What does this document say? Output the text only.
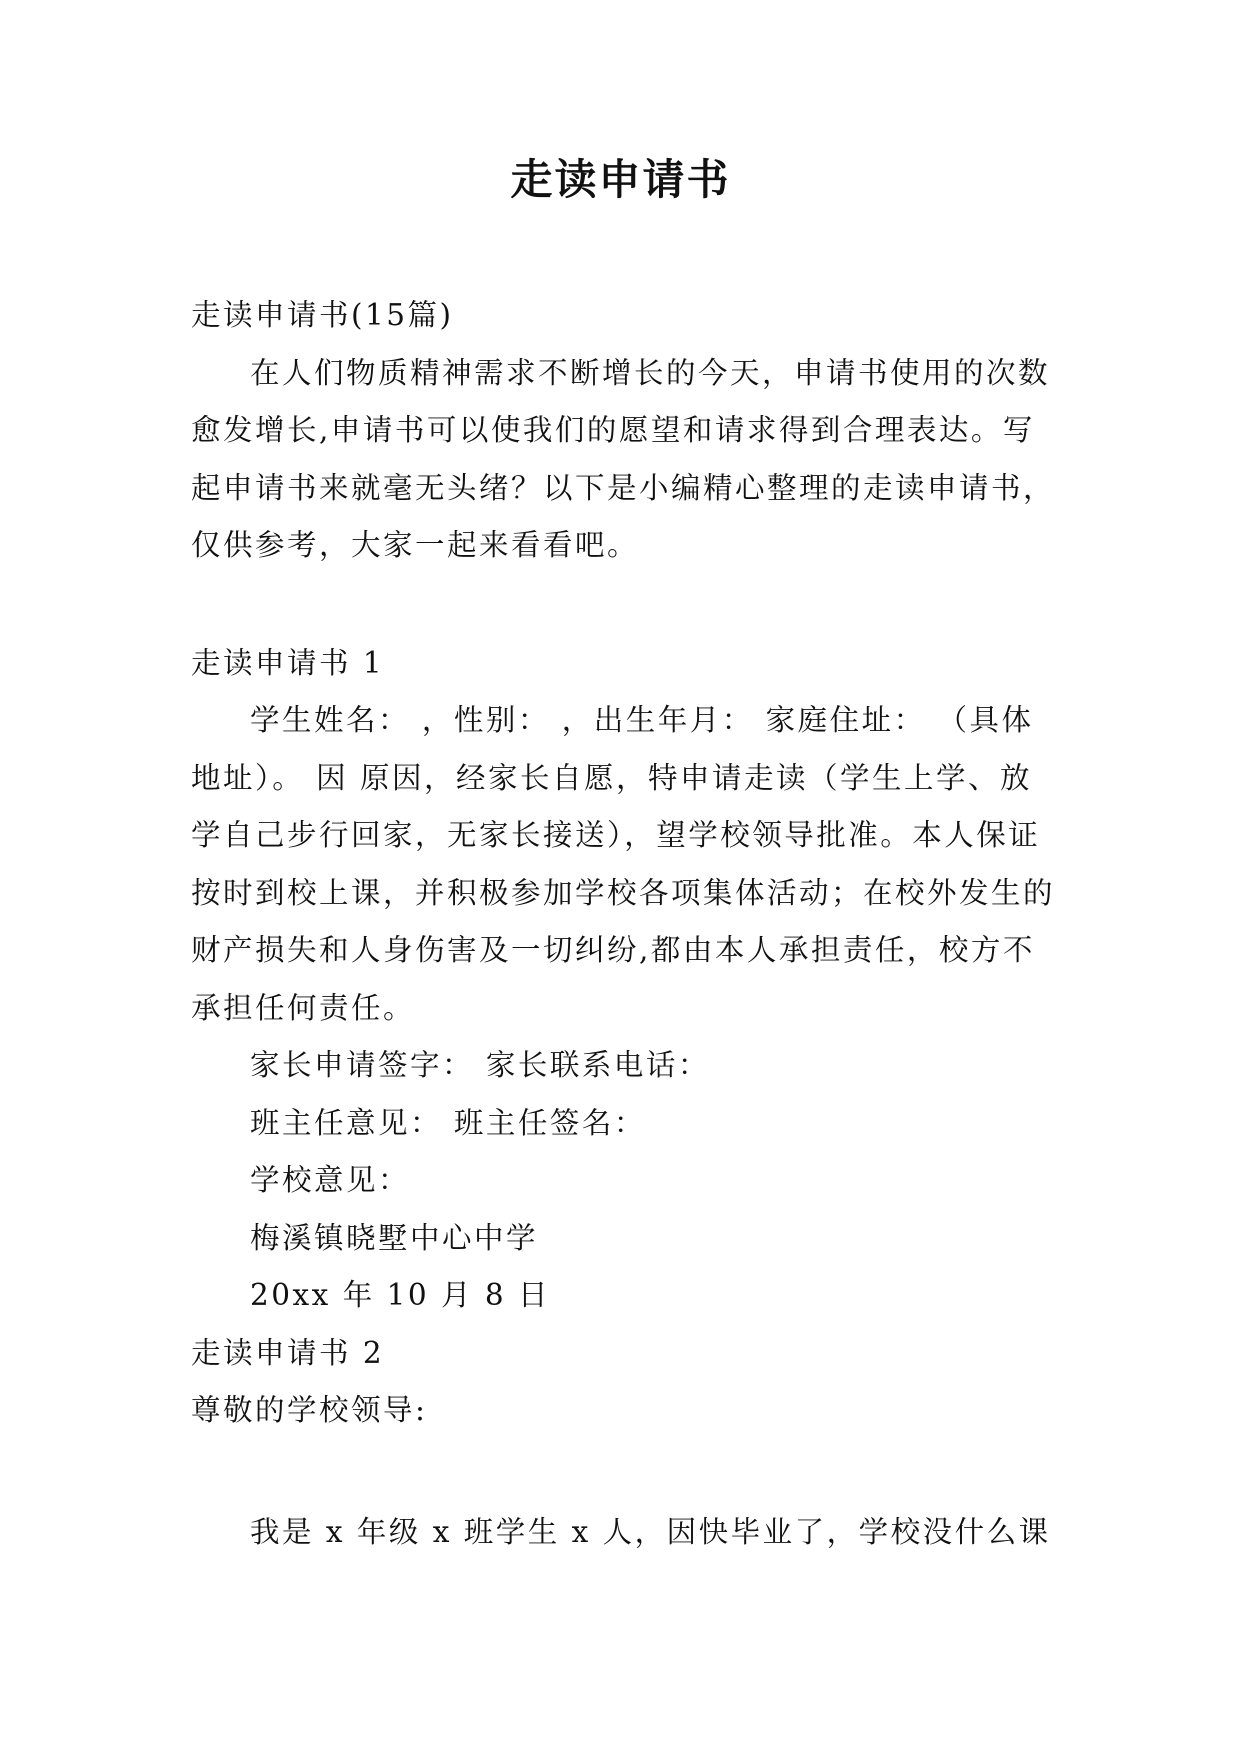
走读申请书

走读申请书(15篇)

在人们物质精神需求不断增长的今天，申请书使用的次数愈发增长,申请书可以使我们的愿望和请求得到合理表达。写起申请书来就毫无头绪？以下是小编精心整理的走读申请书，仅供参考，大家一起来看看吧。

走读申请书 1

学生姓名： ，性别： ，出生年月： 家庭住址： （具体地址）。 因 原因，经家长自愿，特申请走读（学生上学、放学自己步行回家，无家长接送），望学校领导批准。本人保证按时到校上课，并积极参加学校各项集体活动；在校外发生的财产损失和人身伤害及一切纠纷,都由本人承担责任，校方不承担任何责任。

家长申请签字： 家长联系电话：

班主任意见： 班主任签名：

学校意见：

梅溪镇晓墅中心中学

20xx 年 10 月 8 日

走读申请书 2

尊敬的学校领导:

我是 x 年级 x 班学生 x 人，因快毕业了，学校没什么课
